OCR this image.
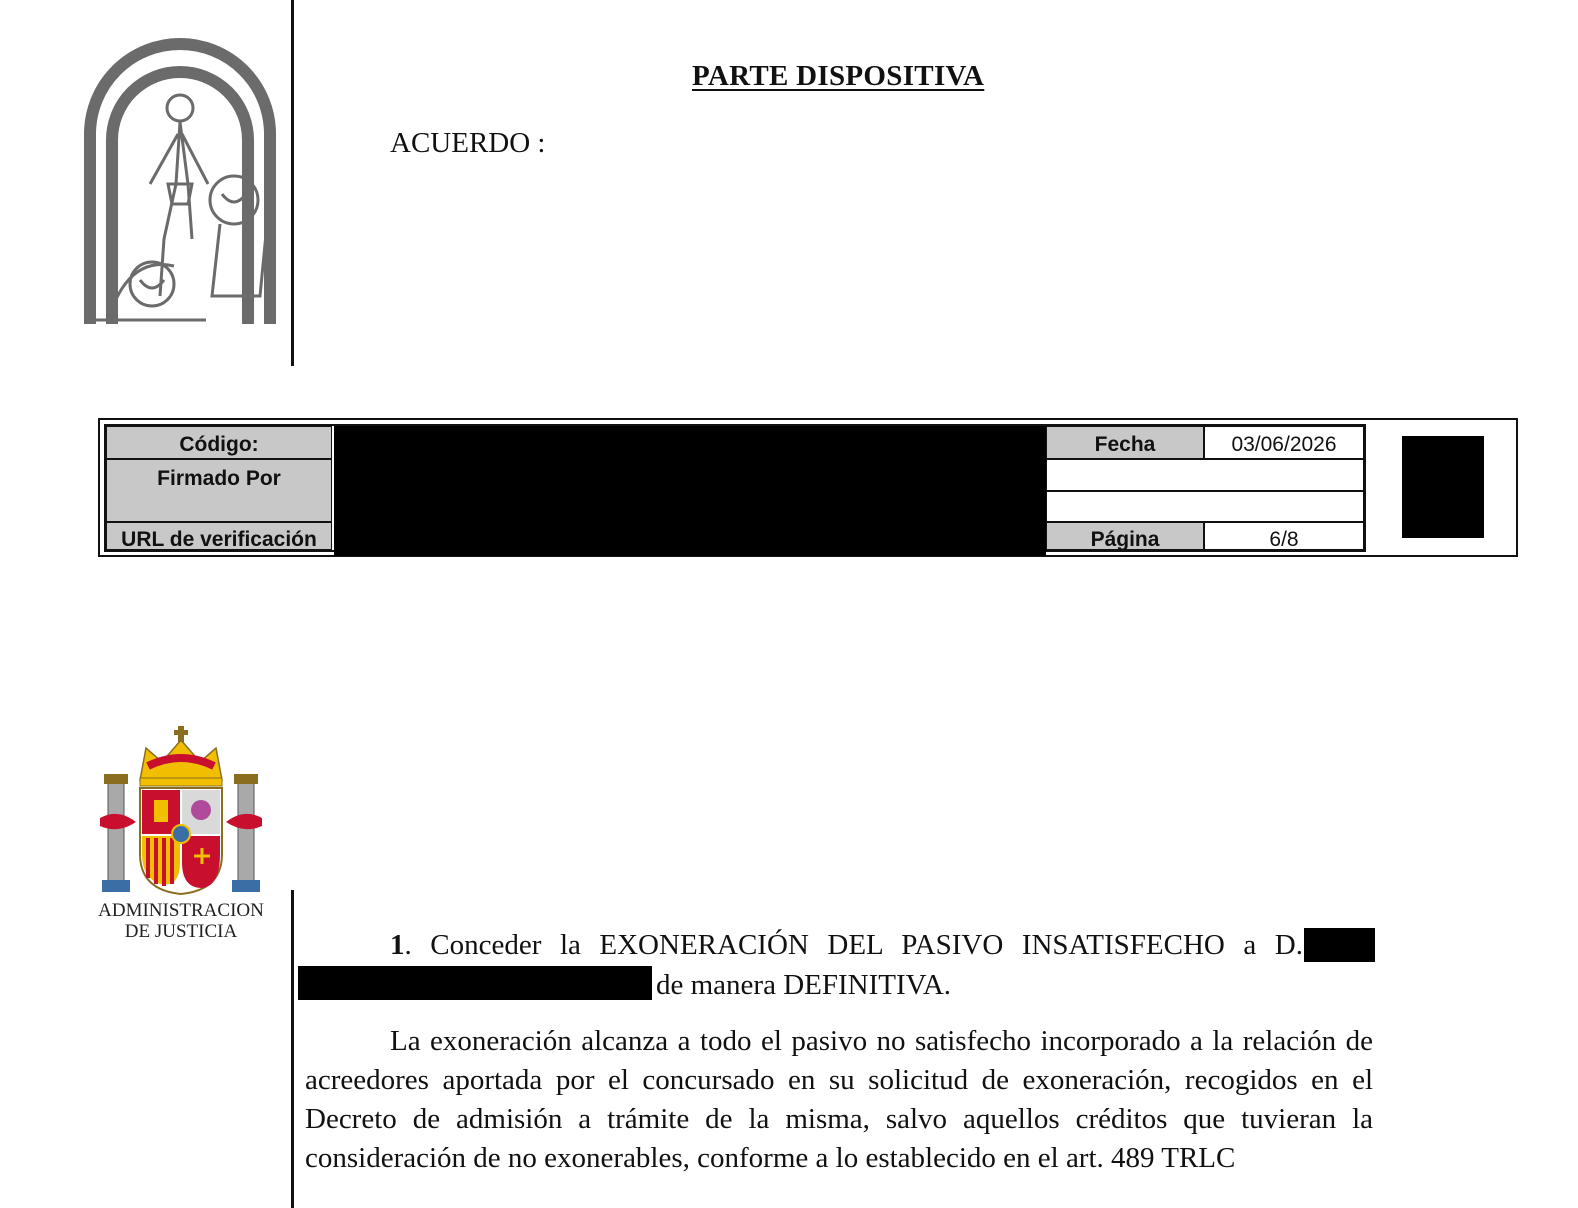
PARTE DISPOSITIVA
ACUERDO :
Código:
Firmado Por
URL de verificación
Fecha	03/06/2026
Página	6/8
ADMINISTRACION
DE JUSTICIA	1. Conceder la EXONERACIÓN DEL PASIVO INSATISFECHO a D.
de manera DEFINITIVA.
La exoneración alcanza a todo el pasivo no satisfecho incorporado a la relación de acreedores aportada por el concursado en su solicitud de exoneración, recogidos en el Decreto de admisión a trámite de la misma, salvo aquellos créditos que tuvieran la consideración de no exonerables, conforme a lo establecido en el art. 489 TRLC
